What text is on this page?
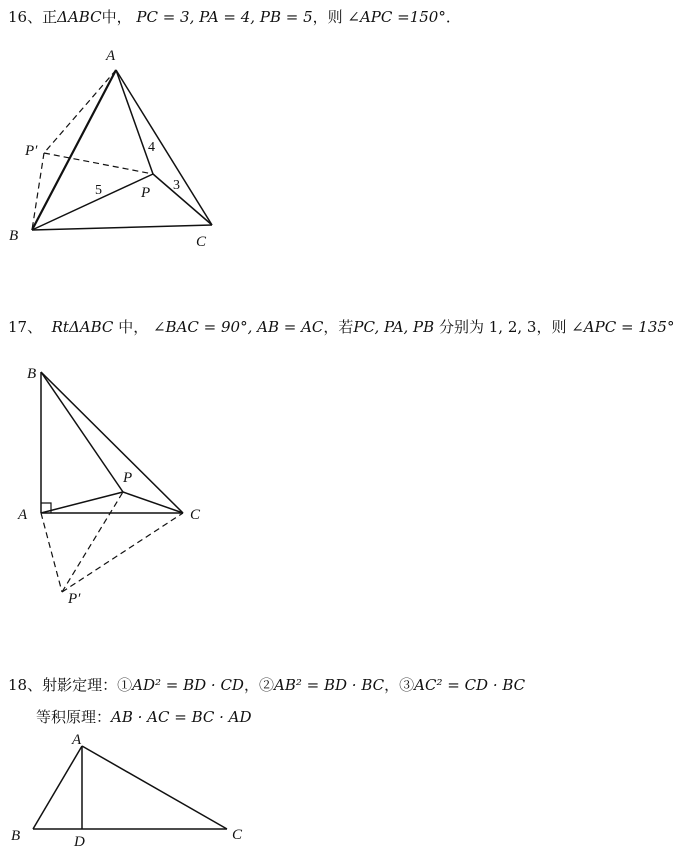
16、正ΔABC中， PC = 3, PA = 4, PB = 5，则 ∠APC =150°．
A
B	C
P
P′	4
3
5
17、 RtΔABC 中， ∠BAC = 90°, AB = AC，若PC, PA, PB 分别为 1, 2, 3，则 ∠APC = 135°
B
A	C
P
P′
18、射影定理：①AD² = BD · CD，②AB² = BD · BC，③AC² = CD · BC
等积原理：AB · AC = BC · AD
A
B	C
D
